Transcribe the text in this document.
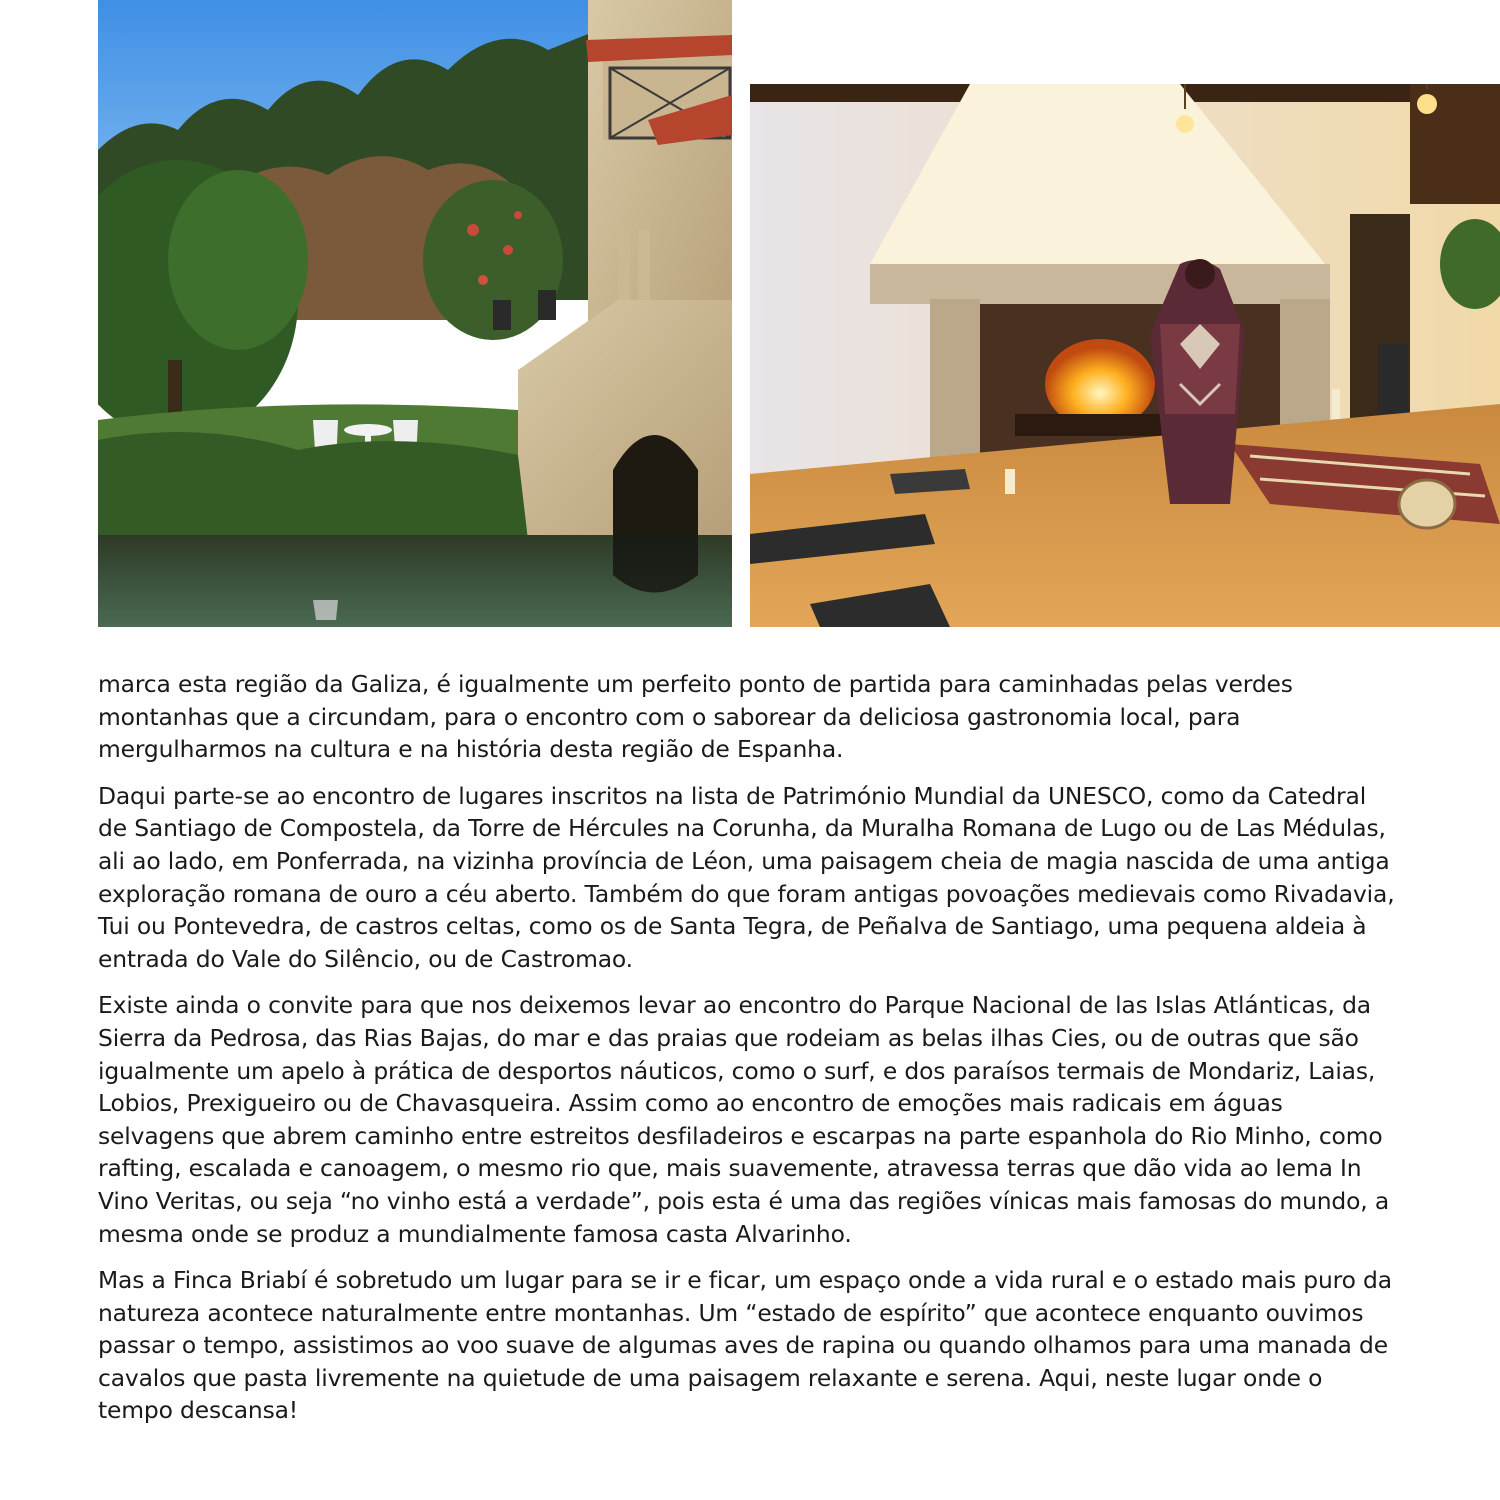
marca esta região da Galiza, é igualmente um perfeito ponto de partida para caminhadas pelas verdes montanhas que a circundam, para o encontro com o saborear da deliciosa gastronomia local, para mergulharmos na cultura e na história desta região de Espanha.

Daqui parte-se ao encontro de lugares inscritos na lista de Património Mundial da UNESCO, como da Catedral de Santiago de Compostela, da Torre de Hércules na Corunha, da Muralha Romana de Lugo ou de Las Médulas, ali ao lado, em Ponferrada, na vizinha província de Léon, uma paisagem cheia de magia nascida de uma antiga exploração romana de ouro a céu aberto. Também do que foram antigas povoações medievais como Rivadavia, Tui ou Pontevedra, de castros celtas, como os de Santa Tegra, de Peñalva de Santiago, uma pequena aldeia à entrada do Vale do Silêncio, ou de Castromao.

Existe ainda o convite para que nos deixemos levar ao encontro do Parque Nacional de las Islas Atlánticas, da Sierra da Pedrosa, das Rias Bajas, do mar e das praias que rodeiam as belas ilhas Cies, ou de outras que são igualmente um apelo à prática de desportos náuticos, como o surf, e dos paraísos termais de Mondariz, Laias, Lobios, Prexigueiro ou de Chavasqueira. Assim como ao encontro de emoções mais radicais em águas selvagens que abrem caminho entre estreitos desfiladeiros e escarpas na parte espanhola do Rio Minho, como rafting, escalada e canoagem, o mesmo rio que, mais suavemente, atravessa terras que dão vida ao lema In Vino Veritas, ou seja “no vinho está a verdade”, pois esta é uma das regiões vínicas mais famosas do mundo, a mesma onde se produz a mundialmente famosa casta Alvarinho.

Mas a Finca Briabí é sobretudo um lugar para se ir e ficar, um espaço onde a vida rural e o estado mais puro da natureza acontece naturalmente entre montanhas. Um “estado de espírito” que acontece enquanto ouvimos passar o tempo, assistimos ao voo suave de algumas aves de rapina ou quando olhamos para uma manada de cavalos que pasta livremente na quietude de uma paisagem relaxante e serena. Aqui, neste lugar onde o tempo descansa!
